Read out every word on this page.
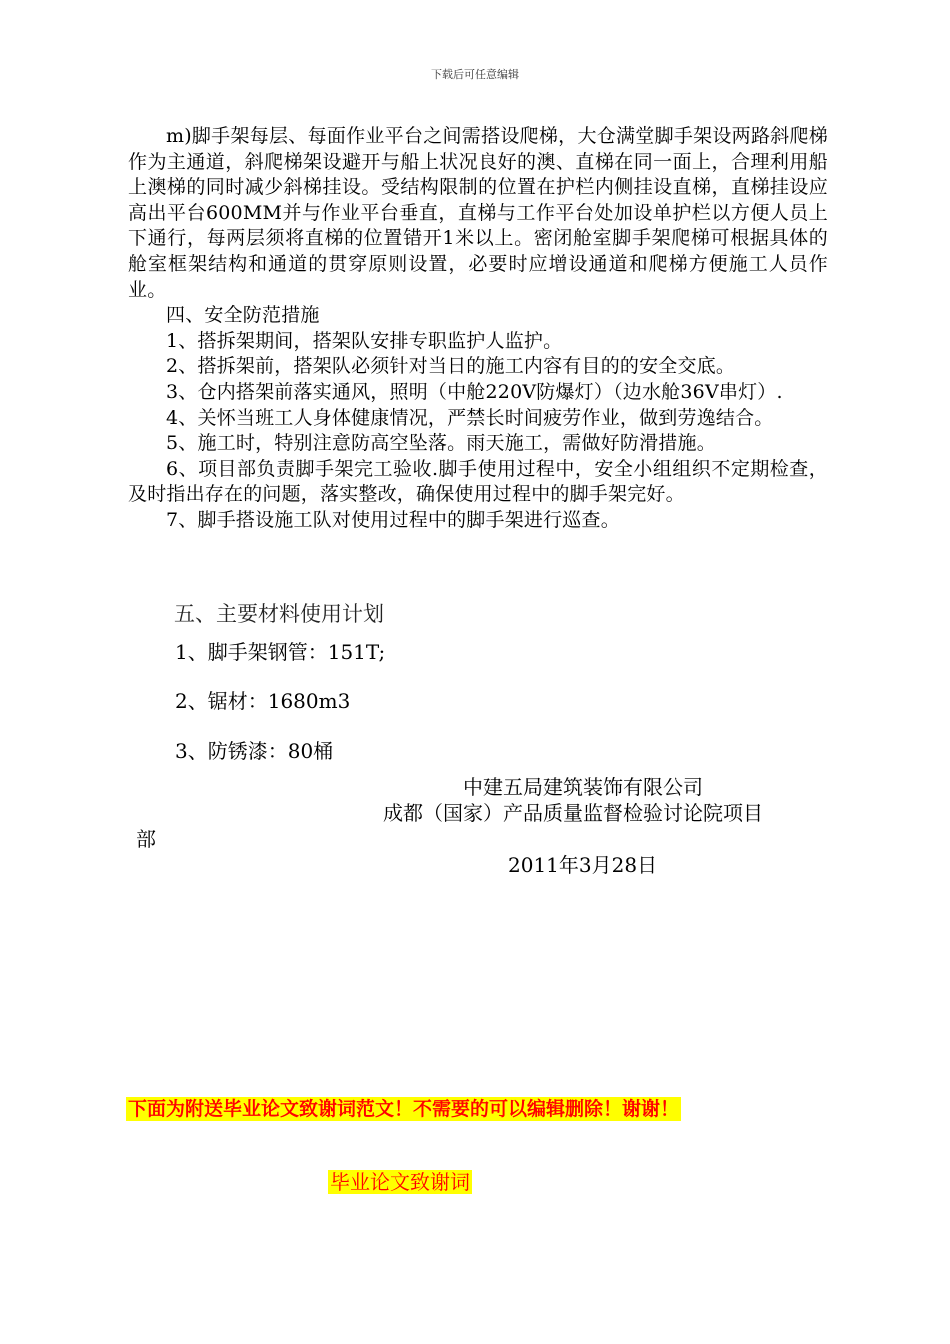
下载后可任意编辑

m)脚手架每层、每面作业平台之间需搭设爬梯，大仓满堂脚手架设两路斜爬梯作为主通道，斜爬梯架设避开与船上状况良好的澳、直梯在同一面上，合理利用船上澳梯的同时减少斜梯挂设。受结构限制的位置在护栏内侧挂设直梯，直梯挂设应高出平台600MM并与作业平台垂直，直梯与工作平台处加设单护栏以方便人员上下通行，每两层须将直梯的位置错开1米以上。密闭舱室脚手架爬梯可根据具体的舱室框架结构和通道的贯穿原则设置，必要时应增设通道和爬梯方便施工人员作业。

四、安全防范措施

1、搭拆架期间，搭架队安排专职监护人监护。

2、搭拆架前，搭架队必须针对当日的施工内容有目的的安全交底。

3、仓内搭架前落实通风，照明（中舱220V防爆灯）（边水舱36V串灯）.

4、关怀当班工人身体健康情况，严禁长时间疲劳作业，做到劳逸结合。

5、施工时，特别注意防高空坠落。雨天施工，需做好防滑措施。

6、项目部负责脚手架完工验收.脚手使用过程中，安全小组组织不定期检查，及时指出存在的问题，落实整改，确保使用过程中的脚手架完好。

7、脚手搭设施工队对使用过程中的脚手架进行巡查。

五、主要材料使用计划
1、脚手架钢管：151T;
2、锯材：1680m3
3、防锈漆：80桶
中建五局建筑装饰有限公司
成都（国家）产品质量监督检验讨论院项目
部
2011年3月28日
下面为附送毕业论文致谢词范文！不需要的可以编辑删除！谢谢！
毕业论文致谢词
